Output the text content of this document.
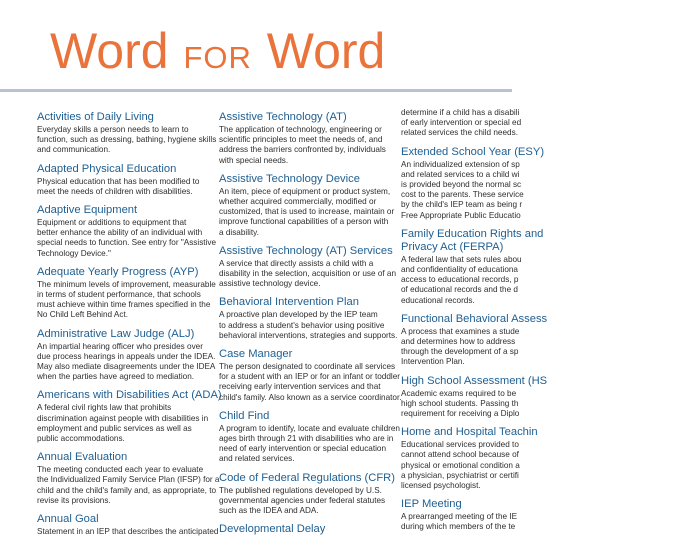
Word FOR Word
Activities of Daily Living
Everyday skills a person needs to learn to
function, such as dressing, bathing, hygiene skills
and communication.
Adapted Physical Education
Physical education that has been modified to
meet the needs of children with disabilities.
Adaptive Equipment
Equipment or additions to equipment that
better enhance the ability of an individual with
special needs to function. See entry for "Assistive
Technology Device."
Adequate Yearly Progress (AYP)
The minimum levels of improvement, measurable
in terms of student performance, that schools
must achieve within time frames specified in the
No Child Left Behind Act.
Administrative Law Judge (ALJ)
An impartial hearing officer who presides over
due process hearings in appeals under the IDEA.
May also mediate disagreements under the IDEA
when the parties have agreed to mediation.
Americans with Disabilities Act (ADA)
A federal civil rights law that prohibits
discrimination against people with disabilities in
employment and public services as well as
public accommodations.
Annual Evaluation
The meeting conducted each year to evaluate
the Individualized Family Service Plan (IFSP) for a
child and the child's family and, as appropriate, to
revise its provisions.
Annual Goal
Statement in an IEP that describes the anticipated
Assistive Technology (AT)
The application of technology, engineering or
scientific principles to meet the needs of, and
address the barriers confronted by, individuals
with special needs.
Assistive Technology Device
An item, piece of equipment or product system,
whether acquired commercially, modified or
customized, that is used to increase, maintain or
improve functional capabilities of a person with
a disability.
Assistive Technology (AT) Services
A service that directly assists a child with a
disability in the selection, acquisition or use of an
assistive technology device.
Behavioral Intervention Plan
A proactive plan developed by the IEP team
to address a student's behavior using positive
behavioral interventions, strategies and supports.
Case Manager
The person designated to coordinate all services
for a student with an IEP or for an infant or toddler
receiving early intervention services and that
child's family. Also known as a service coordinator.
Child Find
A program to identify, locate and evaluate children
ages birth through 21 with disabilities who are in
need of early intervention or special education
and related services.
Code of Federal Regulations (CFR)
The published regulations developed by U.S.
governmental agencies under federal statutes
such as the IDEA and ADA.
Developmental Delay
determine if a child has a disabili
of early intervention or special ed
related services the child needs.
Extended School Year (ESY)
An individualized extension of sp
and related services to a child wi
is provided beyond the normal sc
cost to the parents. These service
by the child's IEP team as being r
Free Appropriate Public Educatio
Family Education Rights and
Privacy Act (FERPA)
A federal law that sets rules abou
and confidentiality of educationa
access to educational records, p
of educational records and the d
educational records.
Functional Behavioral Assess
A process that examines a stude
and determines how to address
through the development of a sp
Intervention Plan.
High School Assessment (HS
Academic exams required to be
high school students. Passing th
requirement for receiving a Diplo
Home and Hospital Teachin
Educational services provided to
cannot attend school because of
physical or emotional condition a
a physician, psychiatrist or certifi
licensed psychologist.
IEP Meeting
A prearranged meeting of the IE
during which members of the te
